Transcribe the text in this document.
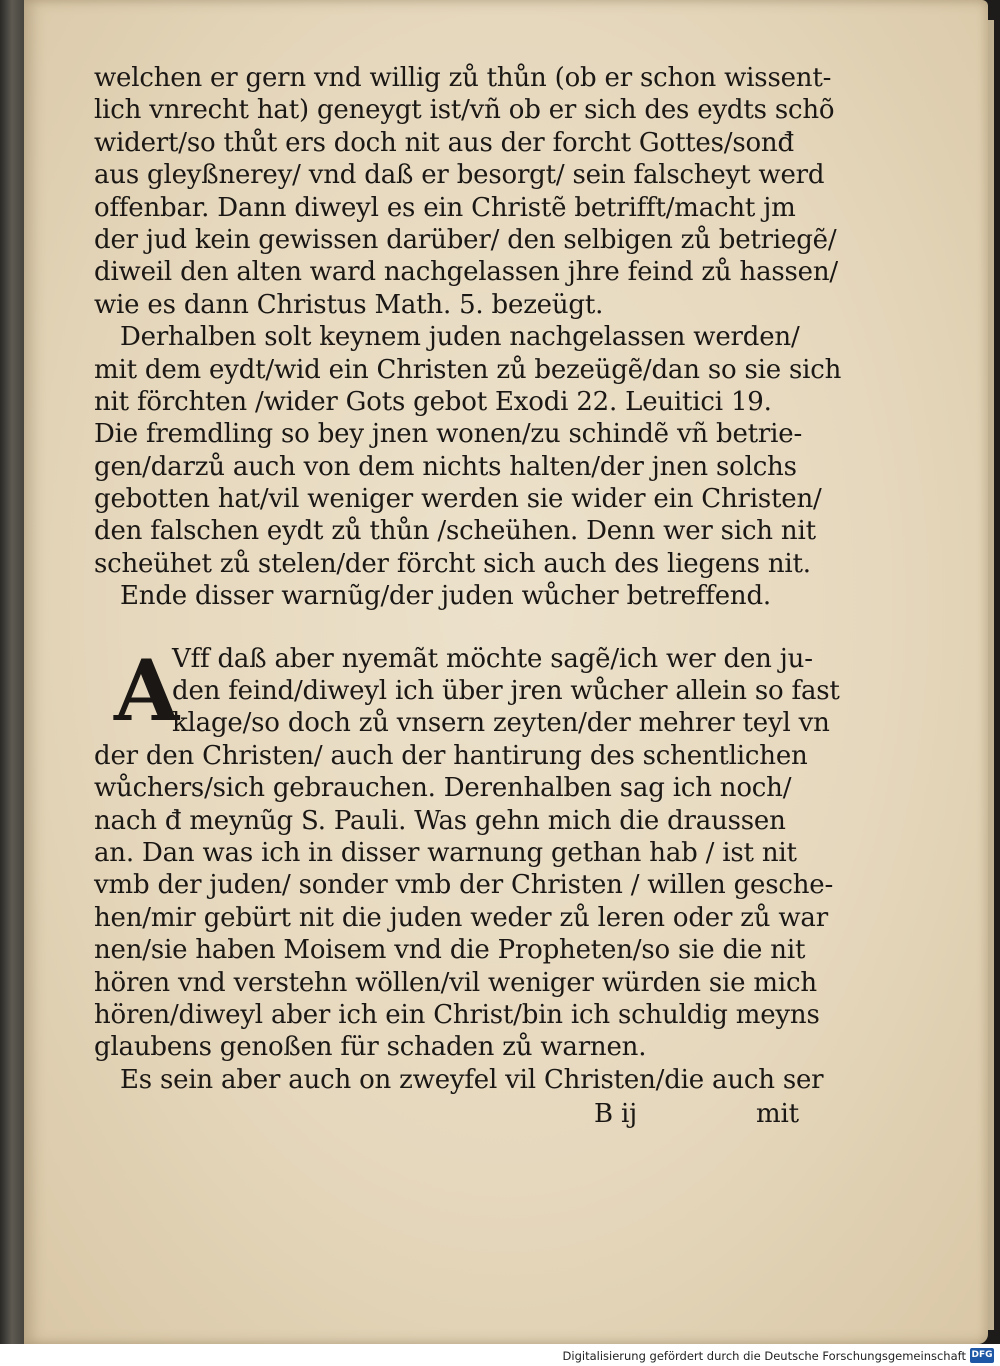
welchen er gern vnd willig zů thůn (ob er schon wissent-
lich vnrecht hat) geneygt ist/vñ ob er sich des eydts schõ
widert/so thůt ers doch nit aus der forcht Gottes/sonđ
aus gleyßnerey/ vnd daß er besorgt/ sein falscheyt werd
offenbar. Dann diweyl es ein Christẽ betrifft/macht jm
der jud kein gewissen darüber/ den selbigen zů betriegẽ/
diweil den alten ward nachgelassen jhre feind zů hassen/
wie es dann Christus Math. 5. bezeügt.
Derhalben solt keynem juden nachgelassen werden/
mit dem eydt/wid ein Christen zů bezeügẽ/dan so sie sich
nit förchten /wider Gots gebot Exodi 22. Leuitici 19.
Die fremdling so bey jnen wonen/zu schindẽ vñ betrie-
gen/darzů auch von dem nichts halten/der jnen solchs
gebotten hat/vil weniger werden sie wider ein Christen/
den falschen eydt zů thůn /scheühen. Denn wer sich nit
scheühet zů stelen/der förcht sich auch des liegens nit.
Ende disser warnũg/der juden wůcher betreffend.
A
Vff daß aber nyemãt möchte sagẽ/ich wer den ju-
den feind/diweyl ich über jren wůcher allein so fast
klage/so doch zů vnsern zeyten/der mehrer teyl vn
der den Christen/ auch der hantirung des schentlichen
wůchers/sich gebrauchen. Derenhalben sag ich noch/
nach đ meynũg S. Pauli. Was gehn mich die draussen
an. Dan was ich in disser warnung gethan hab / ist nit
vmb der juden/ sonder vmb der Christen / willen gesche-
hen/mir gebürt nit die juden weder zů leren oder zů war
nen/sie haben Moisem vnd die Propheten/so sie die nit
hören vnd verstehn wöllen/vil weniger würden sie mich
hören/diweyl aber ich ein Christ/bin ich schuldig meyns
glaubens genoßen für schaden zů warnen.
Es sein aber auch on zweyfel vil Christen/die auch ser
B ij	mit
Digitalisierung gefördert durch die Deutsche Forschungsgemeinschaft DFG
